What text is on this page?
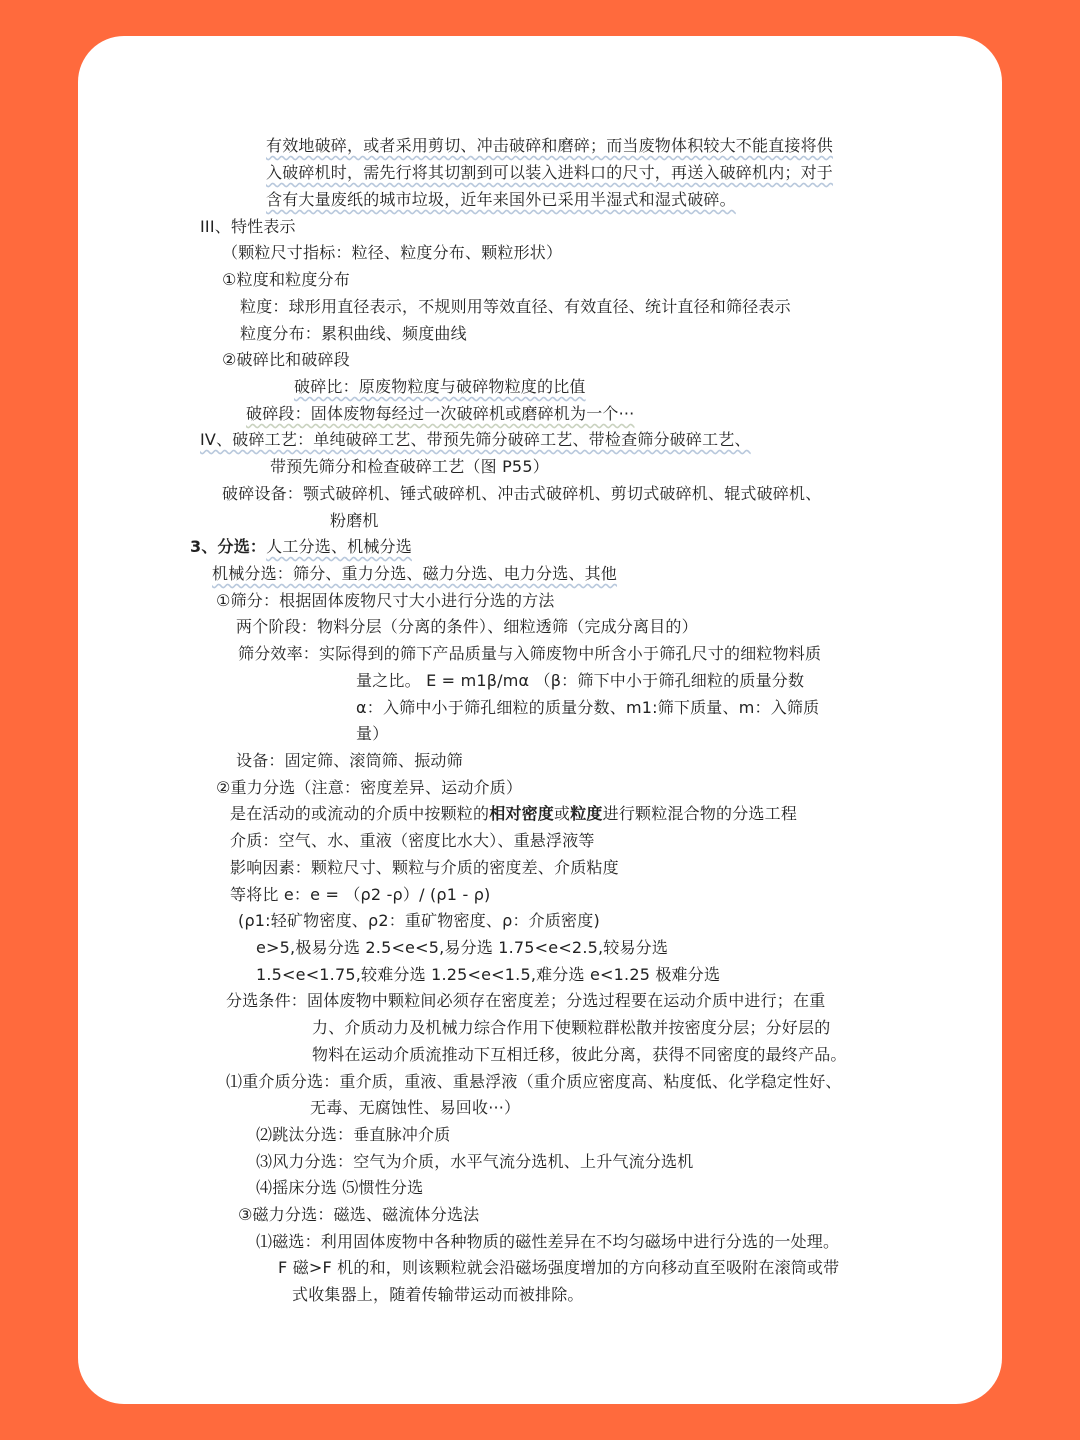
有效地破碎，或者采用剪切、冲击破碎和磨碎；而当废物体积较大不能直接将供
入破碎机时，需先行将其切割到可以装入进料口的尺寸，再送入破碎机内；对于
含有大量废纸的城市垃圾，近年来国外已采用半湿式和湿式破碎。
III、特性表示
（颗粒尺寸指标：粒径、粒度分布、颗粒形状）
①粒度和粒度分布
粒度：球形用直径表示，不规则用等效直径、有效直径、统计直径和筛径表示
粒度分布：累积曲线、频度曲线
②破碎比和破碎段
破碎比：原废物粒度与破碎物粒度的比值
破碎段：固体废物每经过一次破碎机或磨碎机为一个···
IV、破碎工艺：单纯破碎工艺、带预先筛分破碎工艺、带检查筛分破碎工艺、
带预先筛分和检查破碎工艺（图 P55）
破碎设备：颚式破碎机、锤式破碎机、冲击式破碎机、剪切式破碎机、辊式破碎机、
粉磨机
3、分选：人工分选、机械分选
机械分选：筛分、重力分选、磁力分选、电力分选、其他
①筛分：根据固体废物尺寸大小进行分选的方法
两个阶段：物料分层（分离的条件）、细粒透筛（完成分离目的）
筛分效率：实际得到的筛下产品质量与入筛废物中所含小于筛孔尺寸的细粒物料质
量之比。 E = m1β/mα （β：筛下中小于筛孔细粒的质量分数
α：入筛中小于筛孔细粒的质量分数、m1:筛下质量、m：入筛质
量）
设备：固定筛、滚筒筛、振动筛
②重力分选（注意：密度差异、运动介质）
是在活动的或流动的介质中按颗粒的相对密度或粒度进行颗粒混合物的分选工程
介质：空气、水、重液（密度比水大）、重悬浮液等
影响因素：颗粒尺寸、颗粒与介质的密度差、介质粘度
等将比 e：e = （ρ2 -ρ）/ (ρ1 - ρ)
(ρ1:轻矿物密度、ρ2：重矿物密度、ρ：介质密度)
e>5,极易分选 2.5<e<5,易分选 1.75<e<2.5,较易分选
1.5<e<1.75,较难分选 1.25<e<1.5,难分选 e<1.25 极难分选
分选条件：固体废物中颗粒间必须存在密度差；分选过程要在运动介质中进行；在重
力、介质动力及机械力综合作用下使颗粒群松散并按密度分层；分好层的
物料在运动介质流推动下互相迁移，彼此分离，获得不同密度的最终产品。
⑴重介质分选：重介质，重液、重悬浮液（重介质应密度高、粘度低、化学稳定性好、
无毒、无腐蚀性、易回收···）
⑵跳汰分选：垂直脉冲介质
⑶风力分选：空气为介质，水平气流分选机、上升气流分选机
⑷摇床分选 ⑸惯性分选
③磁力分选：磁选、磁流体分选法
⑴磁选：利用固体废物中各种物质的磁性差异在不均匀磁场中进行分选的一处理。
F 磁>F 机的和，则该颗粒就会沿磁场强度增加的方向移动直至吸附在滚筒或带
式收集器上，随着传输带运动而被排除。
